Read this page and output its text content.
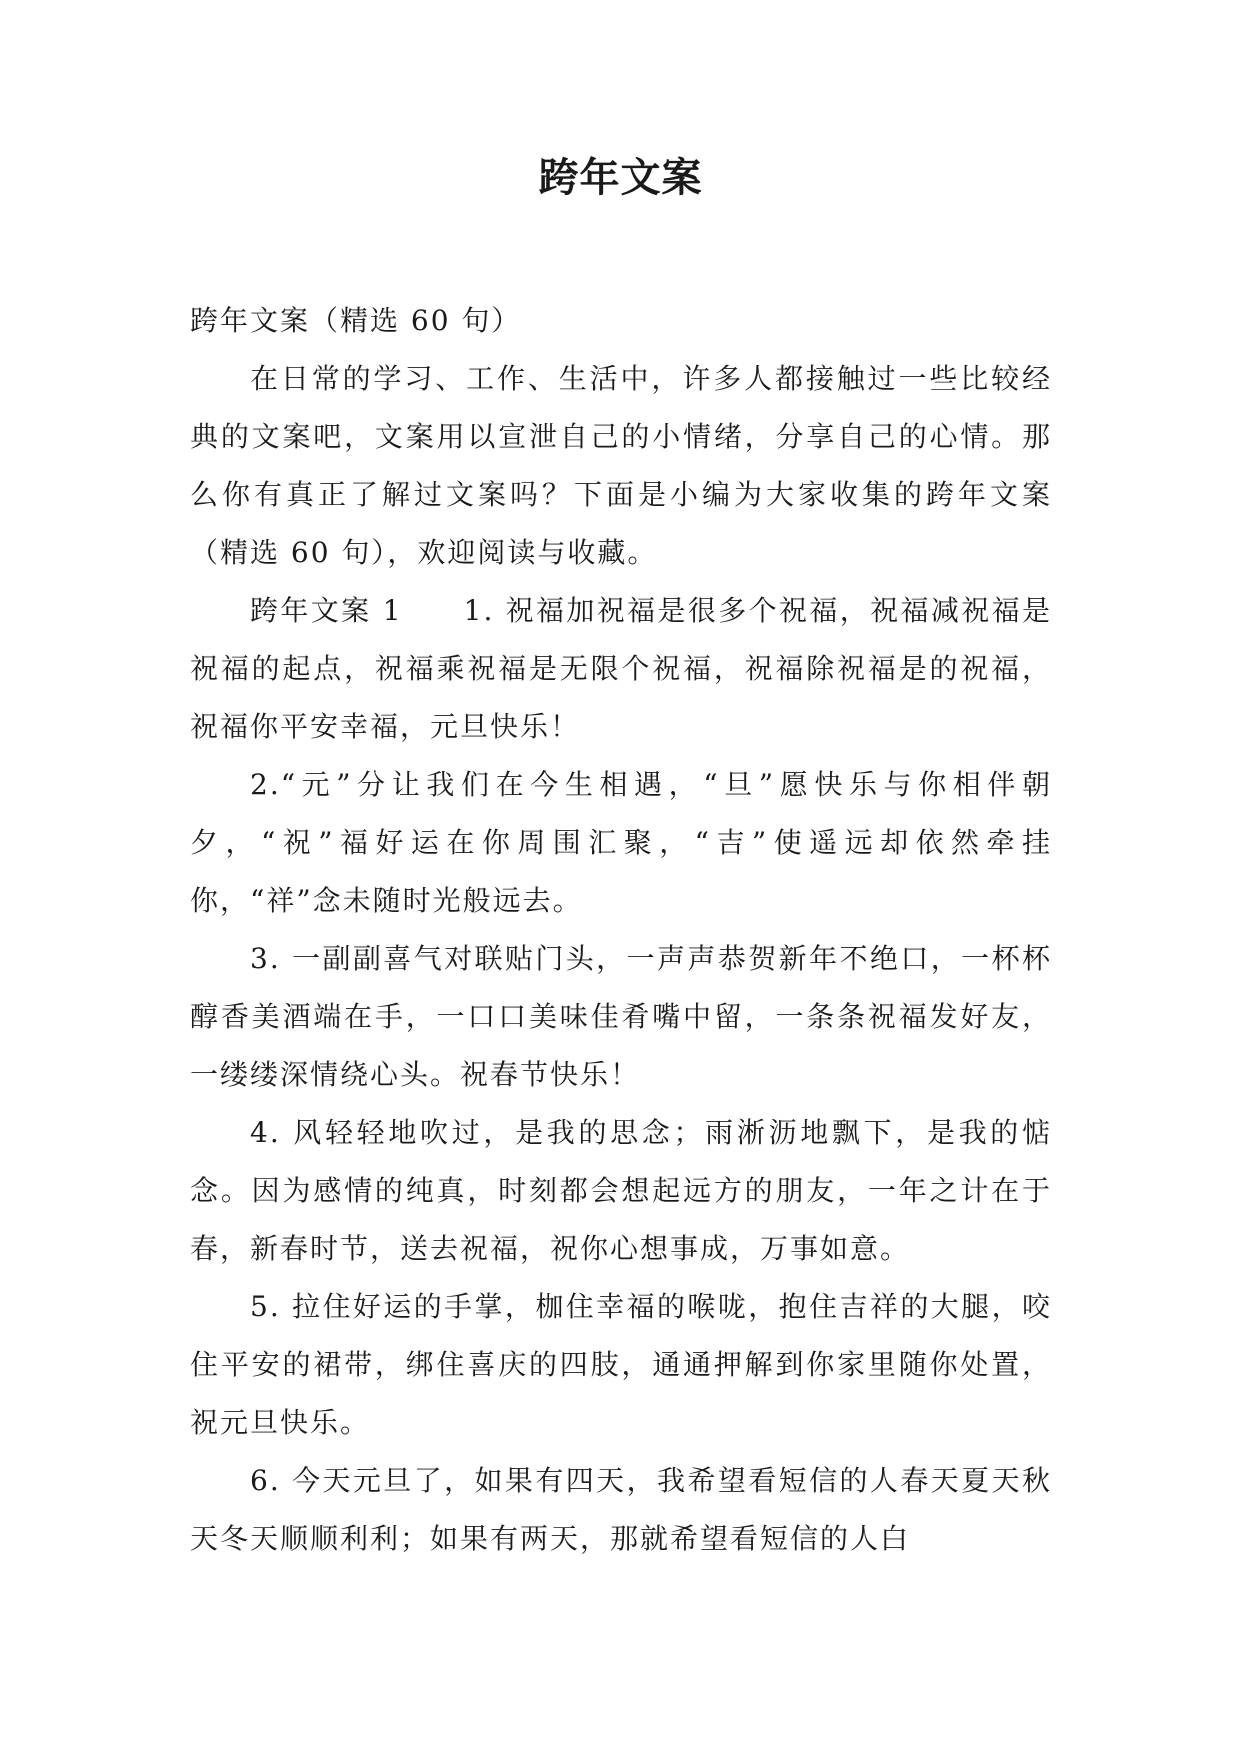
跨年文案

跨年文案（精选 60 句）

在日常的学习、工作、生活中，许多人都接触过一些比较经典的文案吧，文案用以宣泄自己的小情绪，分享自己的心情。那么你有真正了解过文案吗？下面是小编为大家收集的跨年文案（精选 60 句），欢迎阅读与收藏。

跨年文案 1　　1. 祝福加祝福是很多个祝福，祝福减祝福是祝福的起点，祝福乘祝福是无限个祝福，祝福除祝福是的祝福，祝福你平安幸福，元旦快乐！

2.“元”分让我们在今生相遇，“旦”愿快乐与你相伴朝夕，“祝”福好运在你周围汇聚，“吉”使遥远却依然牵挂你，“祥”念未随时光般远去。

3. 一副副喜气对联贴门头，一声声恭贺新年不绝口，一杯杯醇香美酒端在手，一口口美味佳肴嘴中留，一条条祝福发好友，一缕缕深情绕心头。祝春节快乐！

4. 风轻轻地吹过，是我的思念；雨淅沥地飘下，是我的惦念。因为感情的纯真，时刻都会想起远方的朋友，一年之计在于春，新春时节，送去祝福，祝你心想事成，万事如意。

5. 拉住好运的手掌，枷住幸福的喉咙，抱住吉祥的大腿，咬住平安的裙带，绑住喜庆的四肢，通通押解到你家里随你处置，祝元旦快乐。

6. 今天元旦了，如果有四天，我希望看短信的人春天夏天秋天冬天顺顺利利；如果有两天，那就希望看短信的人白
